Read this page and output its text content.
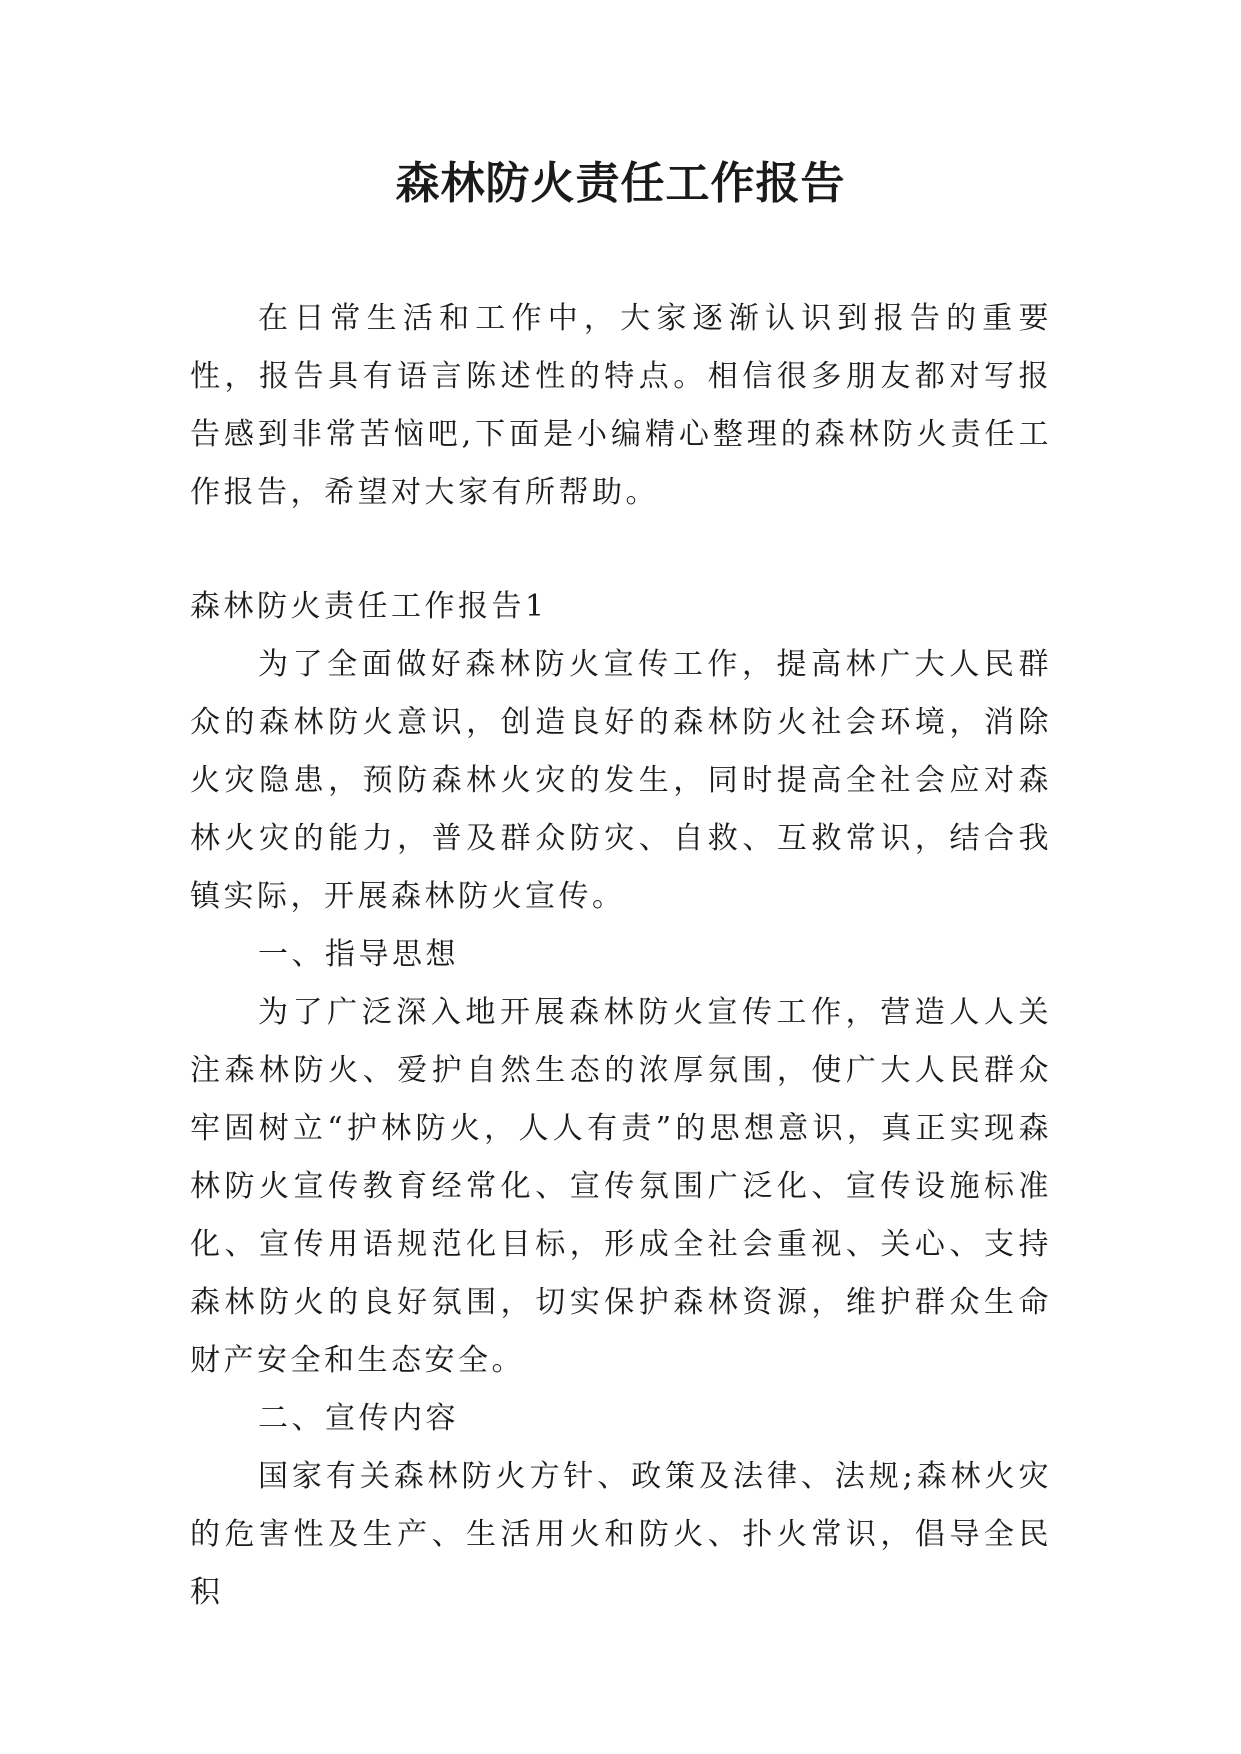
森林防火责任工作报告

在日常生活和工作中，大家逐渐认识到报告的重要性，报告具有语言陈述性的特点。相信很多朋友都对写报告感到非常苦恼吧,下面是小编精心整理的森林防火责任工作报告，希望对大家有所帮助。

森林防火责任工作报告1

为了全面做好森林防火宣传工作，提高林广大人民群众的森林防火意识，创造良好的森林防火社会环境，消除火灾隐患，预防森林火灾的发生，同时提高全社会应对森林火灾的能力，普及群众防灾、自救、互救常识，结合我镇实际，开展森林防火宣传。

一、指导思想

为了广泛深入地开展森林防火宣传工作，营造人人关注森林防火、爱护自然生态的浓厚氛围，使广大人民群众牢固树立“护林防火，人人有责”的思想意识，真正实现森林防火宣传教育经常化、宣传氛围广泛化、宣传设施标准化、宣传用语规范化目标，形成全社会重视、关心、支持森林防火的良好氛围，切实保护森林资源，维护群众生命财产安全和生态安全。

二、宣传内容

国家有关森林防火方针、政策及法律、法规;森林火灾的危害性及生产、生活用火和防火、扑火常识，倡导全民积
